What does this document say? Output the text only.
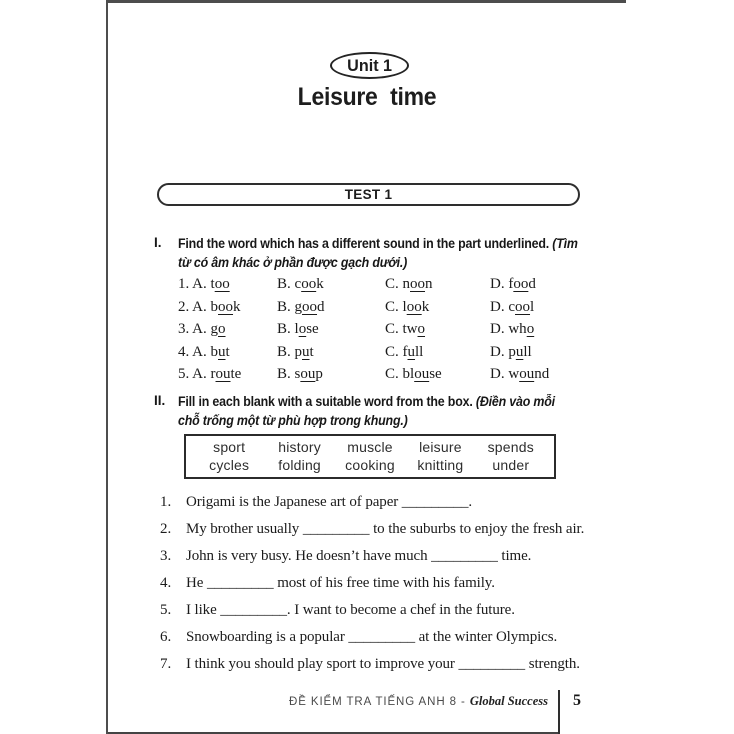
Unit 1
Leisure time
TEST 1
I.	Find the word which has a different sound in the part underlined. (Tìm
từ có âm khác ở phần được gạch dưới.)
1. A. too	B. cook	C. noon	D. food
2. A. book	B. good	C. look	D. cool
3. A. go	B. lose	C. two	D. who
4. A. but	B. put	C. full	D. pull
5. A. route	B. soup	C. blouse	D. wound
II. Fill in each blank with a suitable word from the box. (Điền vào mỗi
chỗ trống một từ phù hợp trong khung.)
sport	history	muscle	leisure	spends
cycles	folding	cooking	knitting	under
1. Origami is the Japanese art of paper _________.
2. My brother usually _________ to the suburbs to enjoy the fresh air.
3. John is very busy. He doesn’t have much _________ time.
4. He _________ most of his free time with his family.
5. I like _________. I want to become a chef in the future.
6. Snowboarding is a popular _________ at the winter Olympics.
7. I think you should play sport to improve your _________ strength.
ĐỀ KIỂM TRA TIẾNG ANH 8 - Global Success 5
